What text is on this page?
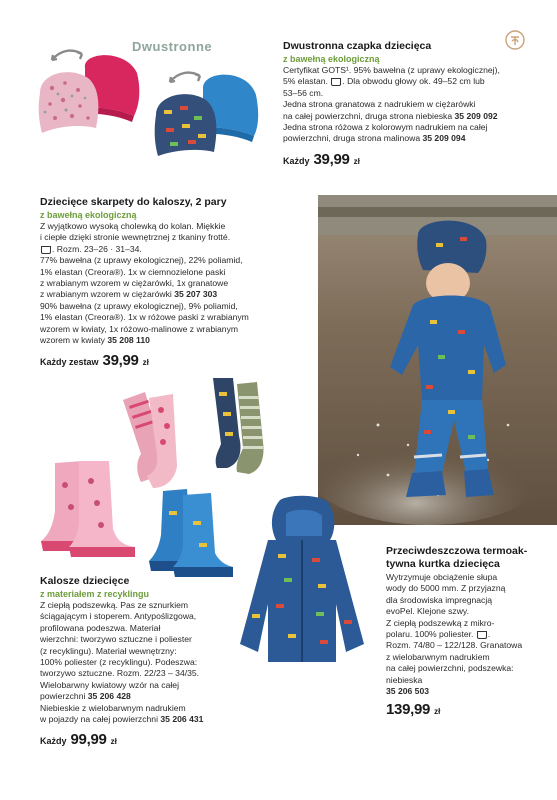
Dwustronne	Dwustronna czapka dziecięca
z bawełną ekologiczną
Certyfikat GOTS¹. 95% bawełna (z uprawy ekologicznej),
5% elastan. . Dla obwodu głowy ok. 49–52 cm lub
53–56 cm.
Jedna strona granatowa z nadrukiem w ciężarówki
na całej powierzchni, druga strona niebieska 35 209 092
Jedna strona różowa z kolorowym nadrukiem na całej
powierzchni, druga strona malinowa 35 209 094
Każdy 39,99 zł
Dziecięce skarpety do kaloszy, 2 pary
z bawełną ekologiczną
Z wyjątkowo wysoką cholewką do kolan. Miękkie
i ciepłe dzięki stronie wewnętrznej z tkaniny frotté.
. Rozm. 23–26 · 31–34.
77% bawełna (z uprawy ekologicznej), 22% poliamid,
1% elastan (Creora®). 1x w ciemnozielone paski
z wrabianym wzorem w ciężarówki, 1x granatowe
z wrabianym wzorem w ciężarówki 35 207 303
90% bawełna (z uprawy ekologicznej), 9% poliamid,
1% elastan (Creora®). 1x w różowe paski z wrabianym
wzorem w kwiaty, 1x różowo-malinowe z wrabianym
wzorem w kwiaty 35 208 110
Każdy zestaw 39,99 zł
Kalosze dziecięce
z materiałem z recyklingu
Z ciepłą podszewką. Pas ze sznurkiem
ściągającym i stoperem. Antypoślizgowa,
profilowana podeszwa. Materiał
wierzchni: tworzywo sztuczne i poliester
(z recyklingu). Materiał wewnętrzny:
100% poliester (z recyklingu). Podeszwa:
tworzywo sztuczne. Rozm. 22/23 – 34/35.
Wielobarwny kwiatowy wzór na całej
powierzchni 35 206 428
Niebieskie z wielobarwnym nadrukiem
w pojazdy na całej powierzchni 35 206 431
Każdy 99,99 zł
Przeciwdeszczowa termoak-
tywna kurtka dziecięca
Wytrzymuje obciążenie słupa
wody do 5000 mm. Z przyjazną
dla środowiska impregnacją
evoPel. Klejone szwy.
Z ciepłą podszewką z mikro-
polaru. 100% poliester. .
Rozm. 74/80 – 122/128. Granatowa
z wielobarwnym nadrukiem
na całej powierzchni, podszewka:
niebieska
35 206 503
139,99 zł
